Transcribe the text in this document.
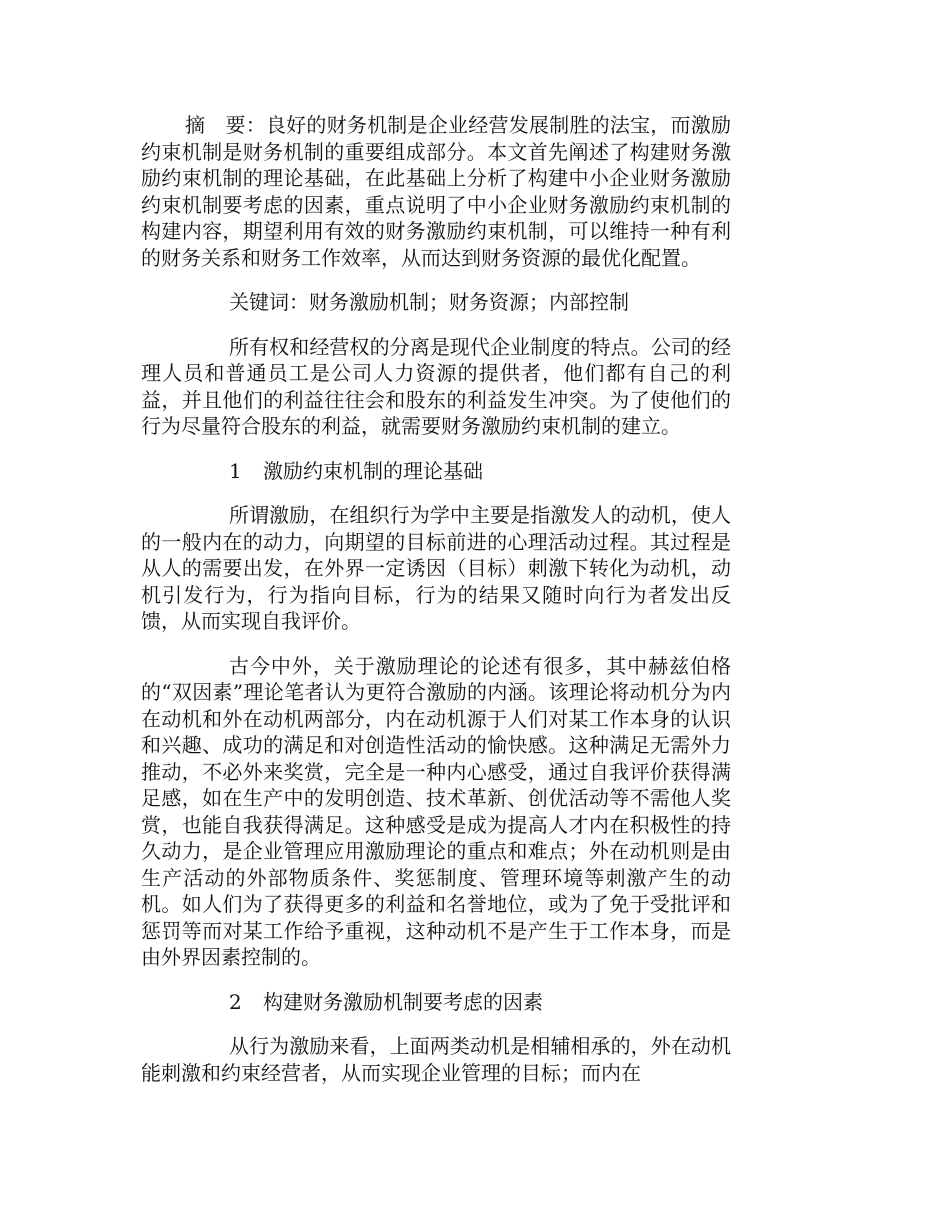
摘　要：良好的财务机制是企业经营发展制胜的法宝，而激励约束机制是财务机制的重要组成部分。本文首先阐述了构建财务激励约束机制的理论基础，在此基础上分析了构建中小企业财务激励约束机制要考虑的因素，重点说明了中小企业财务激励约束机制的构建内容，期望利用有效的财务激励约束机制，可以维持一种有利的财务关系和财务工作效率，从而达到财务资源的最优化配置。

关键词：财务激励机制；财务资源；内部控制

所有权和经营权的分离是现代企业制度的特点。公司的经理人员和普通员工是公司人力资源的提供者，他们都有自己的利益，并且他们的利益往往会和股东的利益发生冲突。为了使他们的行为尽量符合股东的利益，就需要财务激励约束机制的建立。

1 激励约束机制的理论基础

所谓激励，在组织行为学中主要是指激发人的动机，使人的一般内在的动力，向期望的目标前进的心理活动过程。其过程是从人的需要出发，在外界一定诱因（目标）刺激下转化为动机，动机引发行为，行为指向目标，行为的结果又随时向行为者发出反馈，从而实现自我评价。

古今中外，关于激励理论的论述有很多，其中赫兹伯格的“双因素”理论笔者认为更符合激励的内涵。该理论将动机分为内在动机和外在动机两部分，内在动机源于人们对某工作本身的认识和兴趣、成功的满足和对创造性活动的愉快感。这种满足无需外力推动，不必外来奖赏，完全是一种内心感受，通过自我评价获得满足感，如在生产中的发明创造、技术革新、创优活动等不需他人奖赏，也能自我获得满足。这种感受是成为提高人才内在积极性的持久动力，是企业管理应用激励理论的重点和难点；外在动机则是由生产活动的外部物质条件、奖惩制度、管理环境等刺激产生的动机。如人们为了获得更多的利益和名誉地位，或为了免于受批评和惩罚等而对某工作给予重视，这种动机不是产生于工作本身，而是由外界因素控制的。

2 构建财务激励机制要考虑的因素

从行为激励来看，上面两类动机是相辅相承的，外在动机能刺激和约束经营者，从而实现企业管理的目标；而内在
